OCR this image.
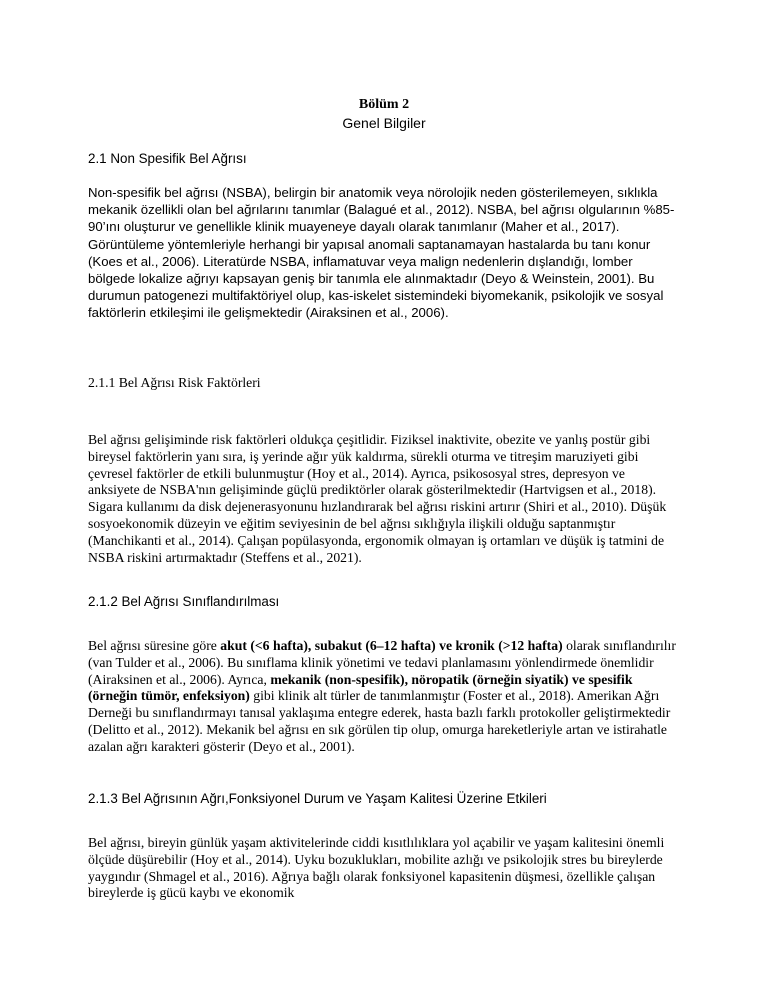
Bölüm 2

Genel Bilgiler

2.1 Non Spesifik Bel Ağrısı

Non-spesifik bel ağrısı (NSBA), belirgin bir anatomik veya nörolojik neden gösterilemeyen, sıklıkla mekanik özellikli olan bel ağrılarını tanımlar (Balagué et al., 2012). NSBA, bel ağrısı olgularının %85-90’ını oluşturur ve genellikle klinik muayeneye dayalı olarak tanımlanır (Maher et al., 2017). Görüntüleme yöntemleriyle herhangi bir yapısal anomali saptanamayan hastalarda bu tanı konur (Koes et al., 2006). Literatürde NSBA, inflamatuvar veya malign nedenlerin dışlandığı, lomber bölgede lokalize ağrıyı kapsayan geniş bir tanımla ele alınmaktadır (Deyo & Weinstein, 2001). Bu durumun patogenezi multifaktöriyel olup, kas-iskelet sistemindeki biyomekanik, psikolojik ve sosyal faktörlerin etkileşimi ile gelişmektedir (Airaksinen et al., 2006).

2.1.1 Bel Ağrısı Risk Faktörleri

Bel ağrısı gelişiminde risk faktörleri oldukça çeşitlidir. Fiziksel inaktivite, obezite ve yanlış postür gibi bireysel faktörlerin yanı sıra, iş yerinde ağır yük kaldırma, sürekli oturma ve titreşim maruziyeti gibi çevresel faktörler de etkili bulunmuştur (Hoy et al., 2014). Ayrıca, psikososyal stres, depresyon ve anksiyete de NSBA'nın gelişiminde güçlü prediktörler olarak gösterilmektedir (Hartvigsen et al., 2018). Sigara kullanımı da disk dejenerasyonunu hızlandırarak bel ağrısı riskini artırır (Shiri et al., 2010). Düşük sosyoekonomik düzeyin ve eğitim seviyesinin de bel ağrısı sıklığıyla ilişkili olduğu saptanmıştır (Manchikanti et al., 2014). Çalışan popülasyonda, ergonomik olmayan iş ortamları ve düşük iş tatmini de NSBA riskini artırmaktadır (Steffens et al., 2021).

2.1.2 Bel Ağrısı Sınıflandırılması

Bel ağrısı süresine göre akut (<6 hafta), subakut (6–12 hafta) ve kronik (>12 hafta) olarak sınıflandırılır (van Tulder et al., 2006). Bu sınıflama klinik yönetimi ve tedavi planlamasını yönlendirmede önemlidir (Airaksinen et al., 2006). Ayrıca, mekanik (non-spesifik), nöropatik (örneğin siyatik) ve spesifik (örneğin tümör, enfeksiyon) gibi klinik alt türler de tanımlanmıştır (Foster et al., 2018). Amerikan Ağrı Derneği bu sınıflandırmayı tanısal yaklaşıma entegre ederek, hasta bazlı farklı protokoller geliştirmektedir (Delitto et al., 2012). Mekanik bel ağrısı en sık görülen tip olup, omurga hareketleriyle artan ve istirahatle azalan ağrı karakteri gösterir (Deyo et al., 2001).

2.1.3 Bel Ağrısının Ağrı,Fonksiyonel Durum ve Yaşam Kalitesi Üzerine Etkileri

Bel ağrısı, bireyin günlük yaşam aktivitelerinde ciddi kısıtlılıklara yol açabilir ve yaşam kalitesini önemli ölçüde düşürebilir (Hoy et al., 2014). Uyku bozuklukları, mobilite azlığı ve psikolojik stres bu bireylerde yaygındır (Shmagel et al., 2016). Ağrıya bağlı olarak fonksiyonel kapasitenin düşmesi, özellikle çalışan bireylerde iş gücü kaybı ve ekonomik
